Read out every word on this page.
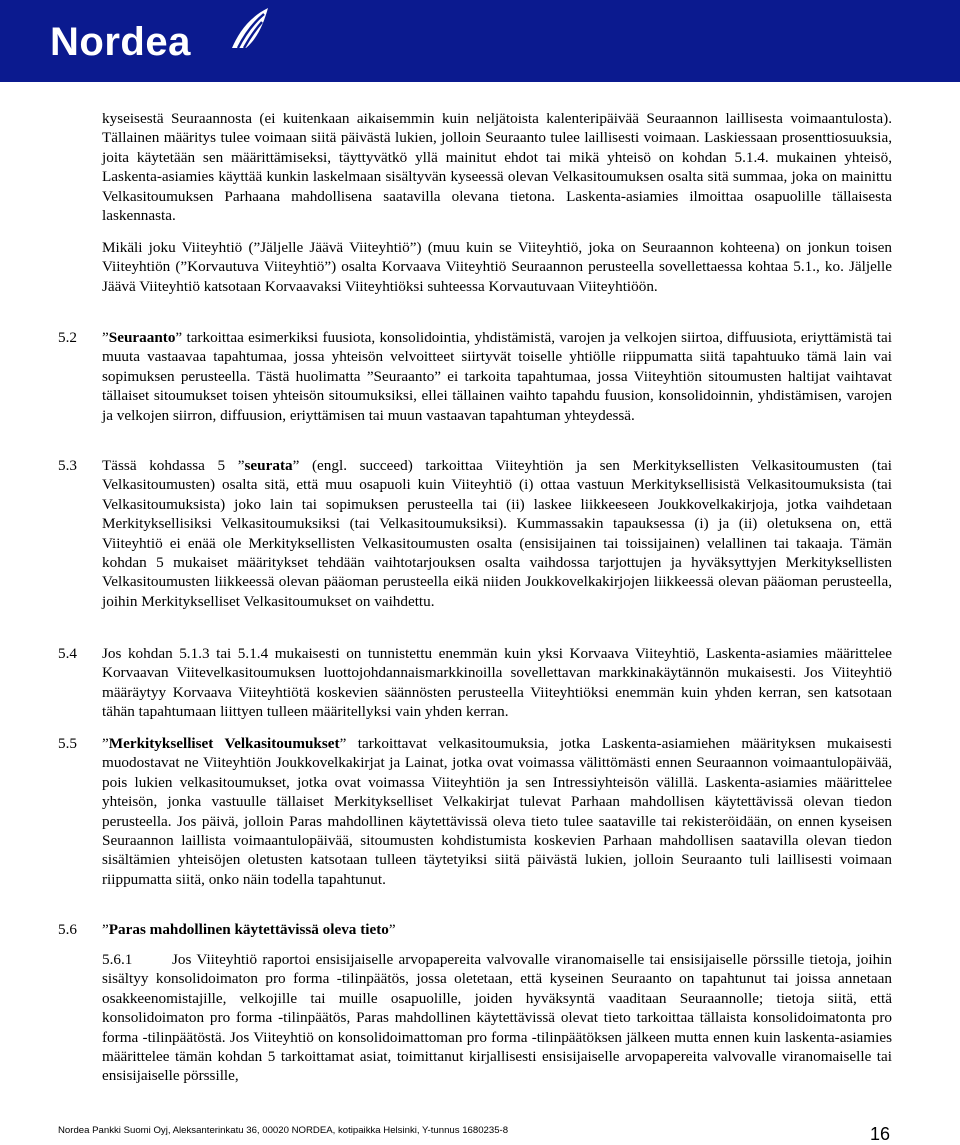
Nordea

kyseisestä Seuraannosta (ei kuitenkaan aikaisemmin kuin neljätoista kalenteripäivää Seuraannon laillisesta voimaantulosta). Tällainen määritys tulee voimaan siitä päivästä lukien, jolloin Seuraanto tulee laillisesti voimaan. Laskiessaan prosenttiosuuksia, joita käytetään sen määrittämiseksi, täyttyvätkö yllä mainitut ehdot tai mikä yhteisö on kohdan 5.1.4. mukainen yhteisö, Laskenta-asiamies käyttää kunkin laskelmaan sisältyvän kyseessä olevan Velkasitoumuksen osalta sitä summaa, joka on mainittu Velkasitoumuksen Parhaana mahdollisena saatavilla olevana tietona. Laskenta-asiamies ilmoittaa osapuolille tällaisesta laskennasta.

Mikäli joku Viiteyhtiö (”Jäljelle Jäävä Viiteyhtiö”) (muu kuin se Viiteyhtiö, joka on Seuraannon kohteena) on jonkun toisen Viiteyhtiön (”Korvautuva Viiteyhtiö”) osalta Korvaava Viiteyhtiö Seuraannon perusteella sovellettaessa kohtaa 5.1., ko. Jäljelle Jäävä Viiteyhtiö katsotaan Korvaavaksi Viiteyhtiöksi suhteessa Korvautuvaan Viiteyhtiöön.

5.2 ”Seuraanto” tarkoittaa esimerkiksi fuusiota, konsolidointia, yhdistämistä, varojen ja velkojen siirtoa, diffuusiota, eriyttämistä tai muuta vastaavaa tapahtumaa, jossa yhteisön velvoitteet siirtyvät toiselle yhtiölle riippumatta siitä tapahtuuko tämä lain vai sopimuksen perusteella. Tästä huolimatta ”Seuraanto” ei tarkoita tapahtumaa, jossa Viiteyhtiön sitoumusten haltijat vaihtavat tällaiset sitoumukset toisen yhteisön sitoumuksiksi, ellei tällainen vaihto tapahdu fuusion, konsolidoinnin, yhdistämisen, varojen ja velkojen siirron, diffuusion, eriyttämisen tai muun vastaavan tapahtuman yhteydessä.

5.3 Tässä kohdassa 5 ”seurata” (engl. succeed) tarkoittaa Viiteyhtiön ja sen Merkityksellisten Velkasitoumusten (tai Velkasitoumusten) osalta sitä, että muu osapuoli kuin Viiteyhtiö (i) ottaa vastuun Merkityksellisistä Velkasitoumuksista (tai Velkasitoumuksista) joko lain tai sopimuksen perusteella tai (ii) laskee liikkeeseen Joukkovelkakirjoja, jotka vaihdetaan Merkityksellisiksi Velkasitoumuksiksi (tai Velkasitoumuksiksi). Kummassakin tapauksessa (i) ja (ii) oletuksena on, että Viiteyhtiö ei enää ole Merkityksellisten Velkasitoumusten osalta (ensisijainen tai toissijainen) velallinen tai takaaja. Tämän kohdan 5 mukaiset määritykset tehdään vaihtotarjouksen osalta vaihdossa tarjottujen ja hyväksyttyjen Merkityksellisten Velkasitoumusten liikkeessä olevan pääoman perusteella eikä niiden Joukkovelkakirjojen liikkeessä olevan pääoman perusteella, joihin Merkitykselliset Velkasitoumukset on vaihdettu.

5.4 Jos kohdan 5.1.3 tai 5.1.4 mukaisesti on tunnistettu enemmän kuin yksi Korvaava Viiteyhtiö, Laskenta-asiamies määrittelee Korvaavan Viitevelkasitoumuksen luottojohdannaismarkkinoilla sovellettavan markkinakäytännön mukaisesti. Jos Viiteyhtiö määräytyy Korvaava Viiteyhtiötä koskevien säännösten perusteella Viiteyhtiöksi enemmän kuin yhden kerran, sen katsotaan tähän tapahtumaan liittyen tulleen määritellyksi vain yhden kerran.

5.5 ”Merkitykselliset Velkasitoumukset” tarkoittavat velkasitoumuksia, jotka Laskenta-asiamiehen määrityksen mukaisesti muodostavat ne Viiteyhtiön Joukkovelkakirjat ja Lainat, jotka ovat voimassa välittömästi ennen Seuraannon voimaantulopäivää, pois lukien velkasitoumukset, jotka ovat voimassa Viiteyhtiön ja sen Intressiyhteisön välillä. Laskenta-asiamies määrittelee yhteisön, jonka vastuulle tällaiset Merkitykselliset Velkakirjat tulevat Parhaan mahdollisen käytettävissä olevan tiedon perusteella. Jos päivä, jolloin Paras mahdollinen käytettävissä oleva tieto tulee saataville tai rekisteröidään, on ennen kyseisen Seuraannon laillista voimaantulopäivää, sitoumusten kohdistumista koskevien Parhaan mahdollisen saatavilla olevan tiedon sisältämien yhteisöjen oletusten katsotaan tulleen täytetyiksi siitä päivästä lukien, jolloin Seuraanto tuli laillisesti voimaan riippumatta siitä, onko näin todella tapahtunut.

5.6 ”Paras mahdollinen käytettävissä oleva tieto”

5.6.1	Jos Viiteyhtiö raportoi ensisijaiselle arvopapereita valvovalle viranomaiselle tai ensisijaiselle pörssille tietoja, joihin sisältyy konsolidoimaton pro forma -tilinpäätös, jossa oletetaan, että kyseinen Seuraanto on tapahtunut tai joissa annetaan osakkeenomistajille, velkojille tai muille osapuolille, joiden hyväksyntä vaaditaan Seuraannolle; tietoja siitä, että konsolidoimaton pro forma -tilinpäätös, Paras mahdollinen käytettävissä olevat tieto tarkoittaa tällaista konsolidoimatonta pro forma -tilinpäätöstä. Jos Viiteyhtiö on konsolidoimattoman pro forma -tilinpäätöksen jälkeen mutta ennen kuin laskenta-asiamies määrittelee tämän kohdan 5 tarkoittamat asiat, toimittanut kirjallisesti ensisijaiselle arvopapereita valvovalle viranomaiselle tai ensisijaiselle pörssille,

Nordea Pankki Suomi Oyj, Aleksanterinkatu 36, 00020 NORDEA, kotipaikka Helsinki, Y-tunnus 1680235-8	16
